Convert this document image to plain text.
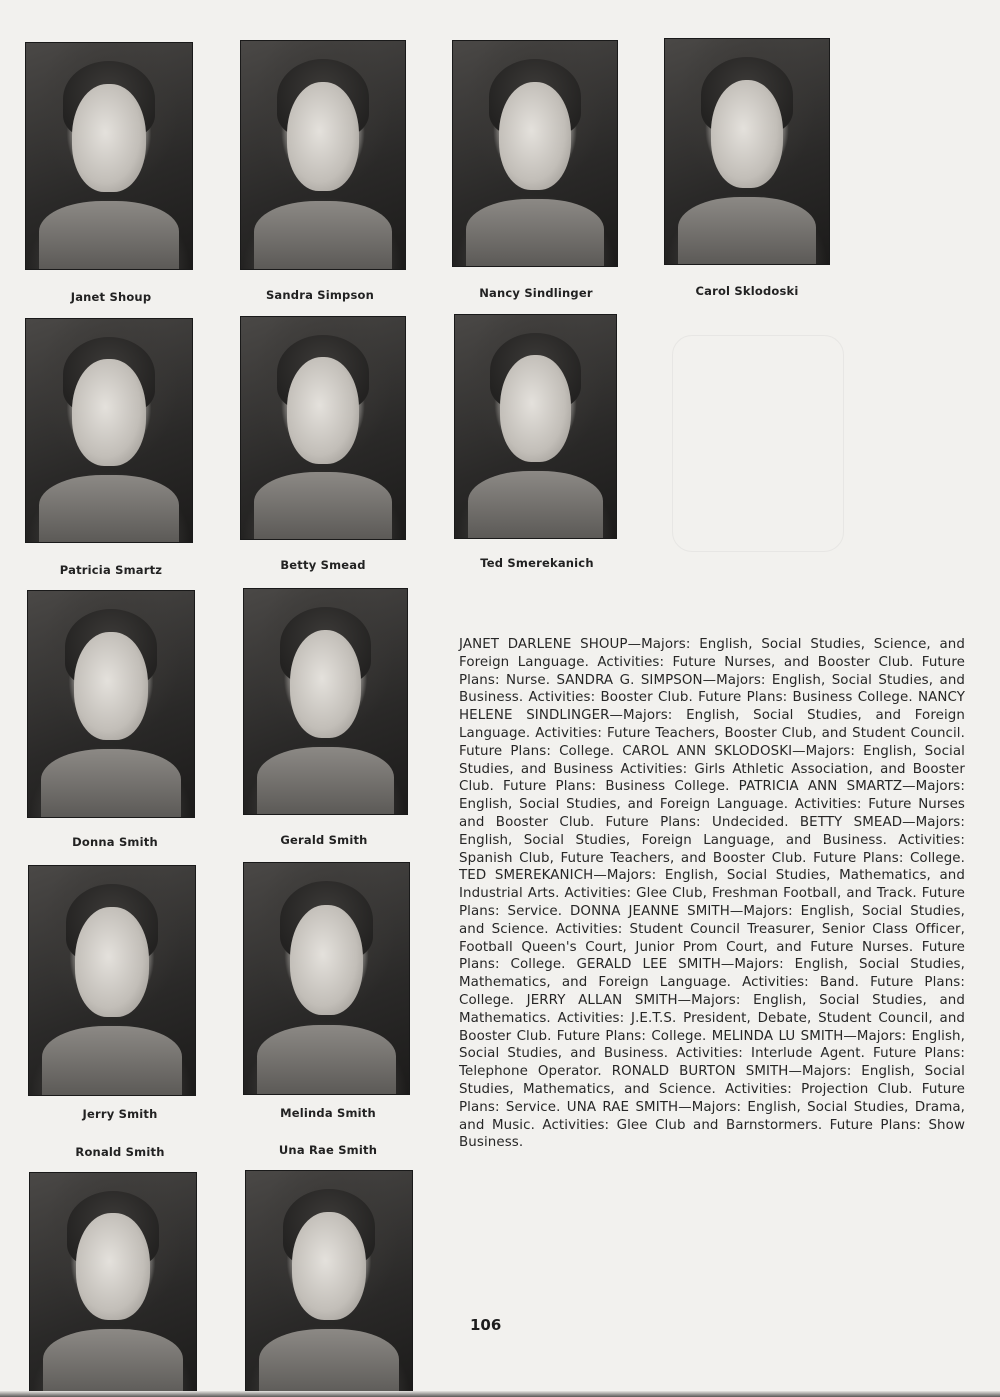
Janet Shoup	Sandra Simpson	Nancy Sindlinger	Carol Sklodoski
Patricia Smartz	Betty Smead	Ted Smerekanich
Donna Smith	Gerald Smith
Jerry Smith	Melinda Smith
Ronald Smith	Una Rae Smith

JANET DARLENE SHOUP—Majors: English, Social Studies, Science, and Foreign Language. Activities: Future Nurses, and Booster Club. Future Plans: Nurse. SANDRA G. SIMPSON—Majors: English, Social Studies, and Business. Activities: Booster Club. Future Plans: Business College. NANCY HELENE SINDLINGER—Majors: English, Social Studies, and Foreign Language. Activities: Future Teachers, Booster Club, and Student Council. Future Plans: College. CAROL ANN SKLODOSKI—Majors: English, Social Studies, and Business Activities: Girls Athletic Association, and Booster Club. Future Plans: Business College. PATRICIA ANN SMARTZ—Majors: English, Social Studies, and Foreign Language. Activities: Future Nurses and Booster Club. Future Plans: Undecided. BETTY SMEAD—Majors: English, Social Studies, Foreign Language, and Business. Activities: Spanish Club, Future Teachers, and Booster Club. Future Plans: College. TED SMEREKANICH—Majors: English, Social Studies, Mathematics, and Industrial Arts. Activities: Glee Club, Freshman Football, and Track. Future Plans: Service. DONNA JEANNE SMITH—Majors: English, Social Studies, and Science. Activities: Student Council Treasurer, Senior Class Officer, Football Queen's Court, Junior Prom Court, and Future Nurses. Future Plans: College. GERALD LEE SMITH—Majors: English, Social Studies, Mathematics, and Foreign Language. Activities: Band. Future Plans: College. JERRY ALLAN SMITH—Majors: English, Social Studies, and Mathematics. Activities: J.E.T.S. President, Debate, Student Council, and Booster Club. Future Plans: College. MELINDA LU SMITH—Majors: English, Social Studies, and Business. Activities: Interlude Agent. Future Plans: Telephone Operator. RONALD BURTON SMITH—Majors: English, Social Studies, Mathematics, and Science. Activities: Projection Club. Future Plans: Service. UNA RAE SMITH—Majors: English, Social Studies, Drama, and Music. Activities: Glee Club and Barnstormers. Future Plans: Show Business.

106
